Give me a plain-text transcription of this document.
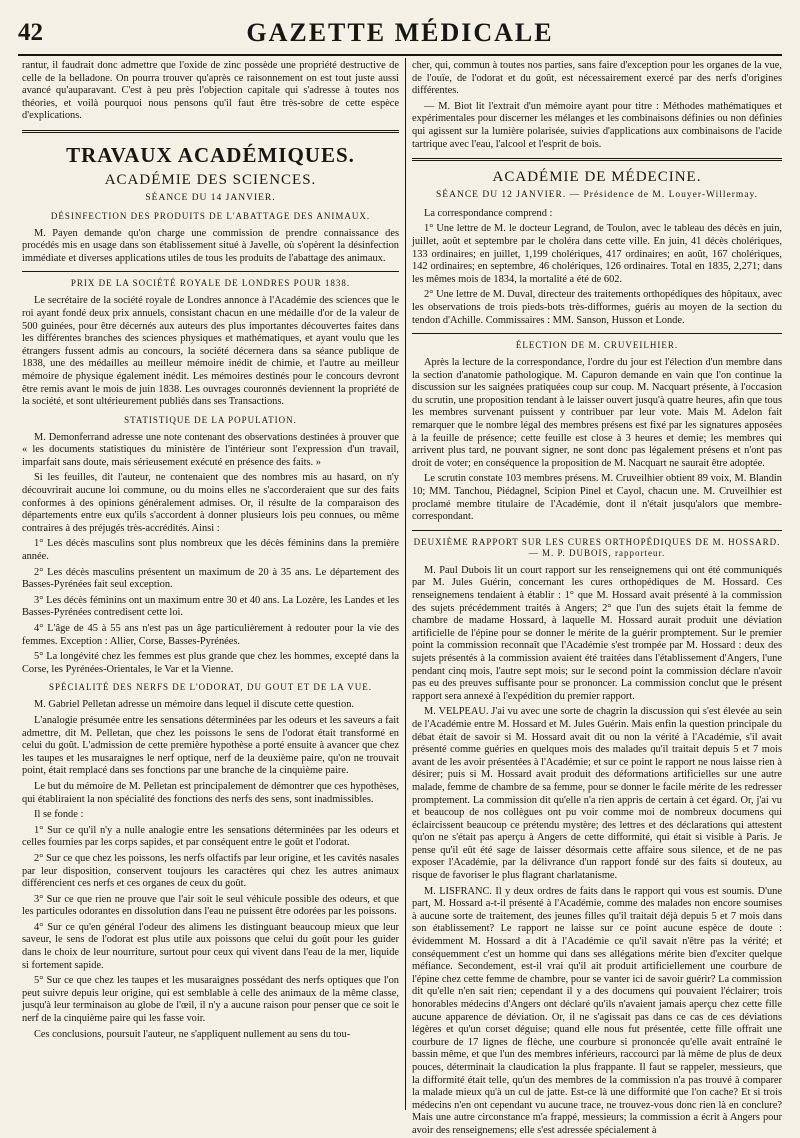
42	GAZETTE MÉDICALE

rantur, il faudrait donc admettre que l'oxide de zinc possède une propriété destructive de celle de la belladone. On pourra trouver qu'après ce raisonnement on est tout juste aussi avancé qu'auparavant. C'est à peu près l'objection capitale qui s'adresse à toutes nos théories, et voilà pourquoi nous pensons qu'il faut être très-sobre de cette espèce d'explications.

TRAVAUX ACADÉMIQUES.
ACADÉMIE DES SCIENCES.
SÉANCE DU 14 JANVIER.
DÉSINFECTION DES PRODUITS DE L'ABATTAGE DES ANIMAUX.

M. Payen demande qu'on charge une commission de prendre connaissance des procédés mis en usage dans son établissement situé à Javelle, où s'opèrent la désinfection immédiate et diverses applications utiles de tous les produits de l'abattage des animaux.

PRIX DE LA SOCIÉTÉ ROYALE DE LONDRES POUR 1838.

Le secrétaire de la société royale de Londres annonce à l'Académie des sciences que le roi ayant fondé deux prix annuels, consistant chacun en une médaille d'or de la valeur de 500 guinées, pour être décernés aux auteurs des plus importantes découvertes faites dans les différentes branches des sciences physiques et mathématiques, et ayant voulu que les étrangers fussent admis au concours, la société décernera dans sa séance publique de 1838, une des médailles au meilleur mémoire inédit de chimie, et l'autre au meilleur mémoire de physique également inédit. Les mémoires destinés pour le concours devront être remis avant le mois de juin 1838. Les ouvrages couronnés deviennent la propriété de la société, et sont ultérieurement publiés dans ses Transactions.

STATISTIQUE DE LA POPULATION.

M. Demonferrand adresse une note contenant des observations destinées à prouver que « les documents statistiques du ministère de l'intérieur sont l'expression d'un travail, imparfait sans doute, mais sérieusement exécuté en présence des faits. »

Si les feuilles, dit l'auteur, ne contenaient que des nombres mis au hasard, on n'y découvrirait aucune loi commune, ou du moins elles ne s'accorderaient que sur des faits conformes à des opinions généralement admises. Or, il résulte de la comparaison des départements entre eux qu'ils s'accordent à donner plusieurs lois peu connues, ou même contraires à des préjugés très-accrédités. Ainsi :

1° Les décès masculins sont plus nombreux que les décès féminins dans la première année.

2° Les décès masculins présentent un maximum de 20 à 35 ans. Le département des Basses-Pyrénées fait seul exception.

3° Les décès féminins ont un maximum entre 30 et 40 ans. La Lozère, les Landes et les Basses-Pyrénées contredisent cette loi.

4° L'âge de 45 à 55 ans n'est pas un âge particulièrement à redouter pour la vie des femmes. Exception : Allier, Corse, Basses-Pyrénées.

5° La longévité chez les femmes est plus grande que chez les hommes, excepté dans la Corse, les Pyrénées-Orientales, le Var et la Vienne.

SPÉCIALITÉ DES NERFS DE L'ODORAT, DU GOUT ET DE LA VUE.

M. Gabriel Pelletan adresse un mémoire dans lequel il discute cette question.

L'analogie présumée entre les sensations déterminées par les odeurs et les saveurs a fait admettre, dit M. Pelletan, que chez les poissons le sens de l'odorat était transformé en celui du goût. L'admission de cette première hypothèse a porté ensuite à avancer que chez les taupes et les musaraignes le nerf optique, nerf de la deuxième paire, qu'on ne trouvait point, était remplacé dans ses fonctions par une branche de la cinquième paire.

Le but du mémoire de M. Pelletan est principalement de démontrer que ces hypothèses, qui établiraient la non spécialité des fonctions des nerfs des sens, sont inadmissibles.

Il se fonde :

1° Sur ce qu'il n'y a nulle analogie entre les sensations déterminées par les odeurs et celles fournies par les corps sapides, et par conséquent entre le goût et l'odorat.

2° Sur ce que chez les poissons, les nerfs olfactifs par leur origine, et les cavités nasales par leur disposition, conservent toujours les caractères qui chez les autres animaux différencient ces nerfs et ces organes de ceux du goût.

3° Sur ce que rien ne prouve que l'air soit le seul véhicule possible des odeurs, et que les particules odorantes en dissolution dans l'eau ne puissent être odorées par les poissons.

4° Sur ce qu'en général l'odeur des alimens les distinguant beaucoup mieux que leur saveur, le sens de l'odorat est plus utile aux poissons que celui du goût pour les guider dans le choix de leur nourriture, surtout pour ceux qui vivent dans l'eau de la mer, liquide si fortement sapide.

5° Sur ce que chez les taupes et les musaraignes possédant des nerfs optiques que l'on peut suivre depuis leur origine, qui est semblable à celle des animaux de la même classe, jusqu'à leur terminaison au globe de l'œil, il n'y a aucune raison pour penser que ce soit le nerf de la cinquième paire qui les fasse voir.

Ces conclusions, poursuit l'auteur, ne s'appliquent nullement au sens du tou-

cher, qui, commun à toutes nos parties, sans faire d'exception pour les organes de la vue, de l'ouïe, de l'odorat et du goût, est nécessairement exercé par des nerfs d'origines différentes.

— M. Biot lit l'extrait d'un mémoire ayant pour titre : Méthodes mathématiques et expérimentales pour discerner les mélanges et les combinaisons définies ou non définies qui agissent sur la lumière polarisée, suivies d'applications aux combinaisons de l'acide tartrique avec l'eau, l'alcool et l'esprit de bois.

ACADÉMIE DE MÉDECINE.
SÉANCE DU 12 JANVIER. — Présidence de M. Louyer-Willermay.

La correspondance comprend :

1° Une lettre de M. le docteur Legrand, de Toulon, avec le tableau des décès en juin, juillet, août et septembre par le choléra dans cette ville. En juin, 41 décès cholériques, 133 ordinaires; en juillet, 1,199 cholériques, 417 ordinaires; en août, 167 cholériques, 142 ordinaires; en septembre, 46 cholériques, 126 ordinaires. Total en 1835, 2,271; dans les mêmes mois de 1834, la mortalité a été de 602.

2° Une lettre de M. Duval, directeur des traitements orthopédiques des hôpitaux, avec les observations de trois pieds-bots très-difformes, guéris au moyen de la section du tendon d'Achille. Commissaires : MM. Sanson, Husson et Londe.

ÉLECTION DE M. CRUVEILHIER.

Après la lecture de la correspondance, l'ordre du jour est l'élection d'un membre dans la section d'anatomie pathologique. M. Capuron demande en vain que l'on continue la discussion sur les saignées pratiquées coup sur coup. M. Nacquart présente, à l'occasion du scrutin, une proposition tendant à le laisser ouvert jusqu'à quatre heures, afin que tous les membres survenant puissent y contribuer par leur vote. Mais M. Adelon fait remarquer que le nombre légal des membres présens est fixé par les signatures apposées à la feuille de présence; cette feuille est close à 3 heures et demie; les membres qui arrivent plus tard, ne pouvant signer, ne sont donc pas légalement présens et n'ont pas droit de voter; en conséquence la proposition de M. Nacquart ne saurait être adoptée.

Le scrutin constate 103 membres présens. M. Cruveilhier obtient 89 voix, M. Blandin 10; MM. Tanchou, Piédagnel, Scipion Pinel et Cayol, chacun une. M. Cruveilhier est proclamé membre titulaire de l'Académie, dont il n'était jusqu'alors que membre-correspondant.

DEUXIÈME RAPPORT SUR LES CURES ORTHOPÉDIQUES DE M. HOSSARD. — M. P. DUBOIS, rapporteur.

M. Paul Dubois lit un court rapport sur les renseignemens qui ont été communiqués par M. Jules Guérin, concernant les cures orthopédiques de M. Hossard. Ces renseignemens tendaient à établir : 1° que M. Hossard avait présenté à la commission des sujets précédemment traités à Angers; 2° que l'un des sujets était la femme de chambre de madame Hossard, à laquelle M. Hossard aurait produit une déviation artificielle de l'épine pour se donner le mérite de la guérir promptement. Sur le premier point la commission reconnaît que l'Académie s'est trompée par M. Hossard : deux des sujets présentés à la commission avaient été traitées dans l'établissement d'Angers, l'une pendant cinq mois, l'autre sept mois; sur le second point la commission déclare n'avoir pas eu des preuves suffisante pour se prononcer. La commission conclut que le présent rapport sera annexé à l'expédition du premier rapport.

M. VELPEAU. J'ai vu avec une sorte de chagrin la discussion qui s'est élevée au sein de l'Académie entre M. Hossard et M. Jules Guérin. Mais enfin la question principale du débat était de savoir si M. Hossard avait dit ou non la vérité à l'Académie, s'il avait présenté comme guéries en quelques mois des malades qu'il traitait depuis 5 et 7 mois avant de les avoir présentées à l'Académie; et sur ce point le rapport ne nous laisse rien à désirer; puis si M. Hossard avait produit des déformations artificielles sur une autre malade, femme de chambre de sa femme, pour se donner le facile mérite de les redresser promptement. La commission dit qu'elle n'a rien appris de certain à cet égard. Or, j'ai vu et beaucoup de nos collègues ont pu voir comme moi de nombreux documens qui éclaircissent beaucoup ce prétendu mystère; des lettres et des déclarations qui attestent qu'on ne s'était pas aperçu à Angers de cette difformité, qui était si visible à Paris. Je pense qu'il eût été sage de laisser désormais cette affaire sous silence, et de ne pas exposer l'Académie, par la délivrance d'un rapport fondé sur des faits si douteux, au risque de favoriser le plus flagrant charlatanisme.

M. LISFRANC. Il y deux ordres de faits dans le rapport qui vous est soumis. D'une part, M. Hossard a-t-il présenté à l'Académie, comme des malades non encore soumises à aucune sorte de traitement, des jeunes filles qu'il traitait déjà depuis 5 et 7 mois dans son établissement? Le rapport ne laisse sur ce point aucune espèce de doute : évidemment M. Hossard a dit à l'Académie ce qu'il savait n'être pas la vérité; et conséquemment c'est un homme qui dans ses allégations mérite bien d'exciter quelque méfiance. Secondement, est-il vrai qu'il ait produit artificiellement une courbure de l'épine chez cette femme de chambre, pour se vanter ici de savoir guérir? La commission dit qu'elle n'en sait rien; cependant il y a des documens qui pouvaient l'éclairer; trois honorables médecins d'Angers ont déclaré qu'ils n'avaient jamais aperçu chez cette fille aucune apparence de déviation. Or, il ne s'agissait pas dans ce cas de ces déviations légères et qu'un corset déguise; quand elle nous fut présentée, cette fille offrait une courbure de 17 lignes de flèche, une courbure si prononcée qu'elle avait entraîné le bassin même, et que l'un des membres inférieurs, raccourci par là même de plus de deux pouces, déterminait la claudication la plus frappante. Il faut se rappeler, messieurs, que la difformité était telle, qu'un des membres de la commission n'a pas trouvé à comparer la malade mieux qu'à un cul de jatte. Est-ce là une difformité que l'on cache? Et si trois médecins n'en ont cependant vu aucune trace, ne trouvez-vous donc rien là en conclure? Mais une autre circonstance m'a frappé, messieurs; la commission a écrit à Angers pour avoir des renseignemens; elle s'est adressée spécialement à
